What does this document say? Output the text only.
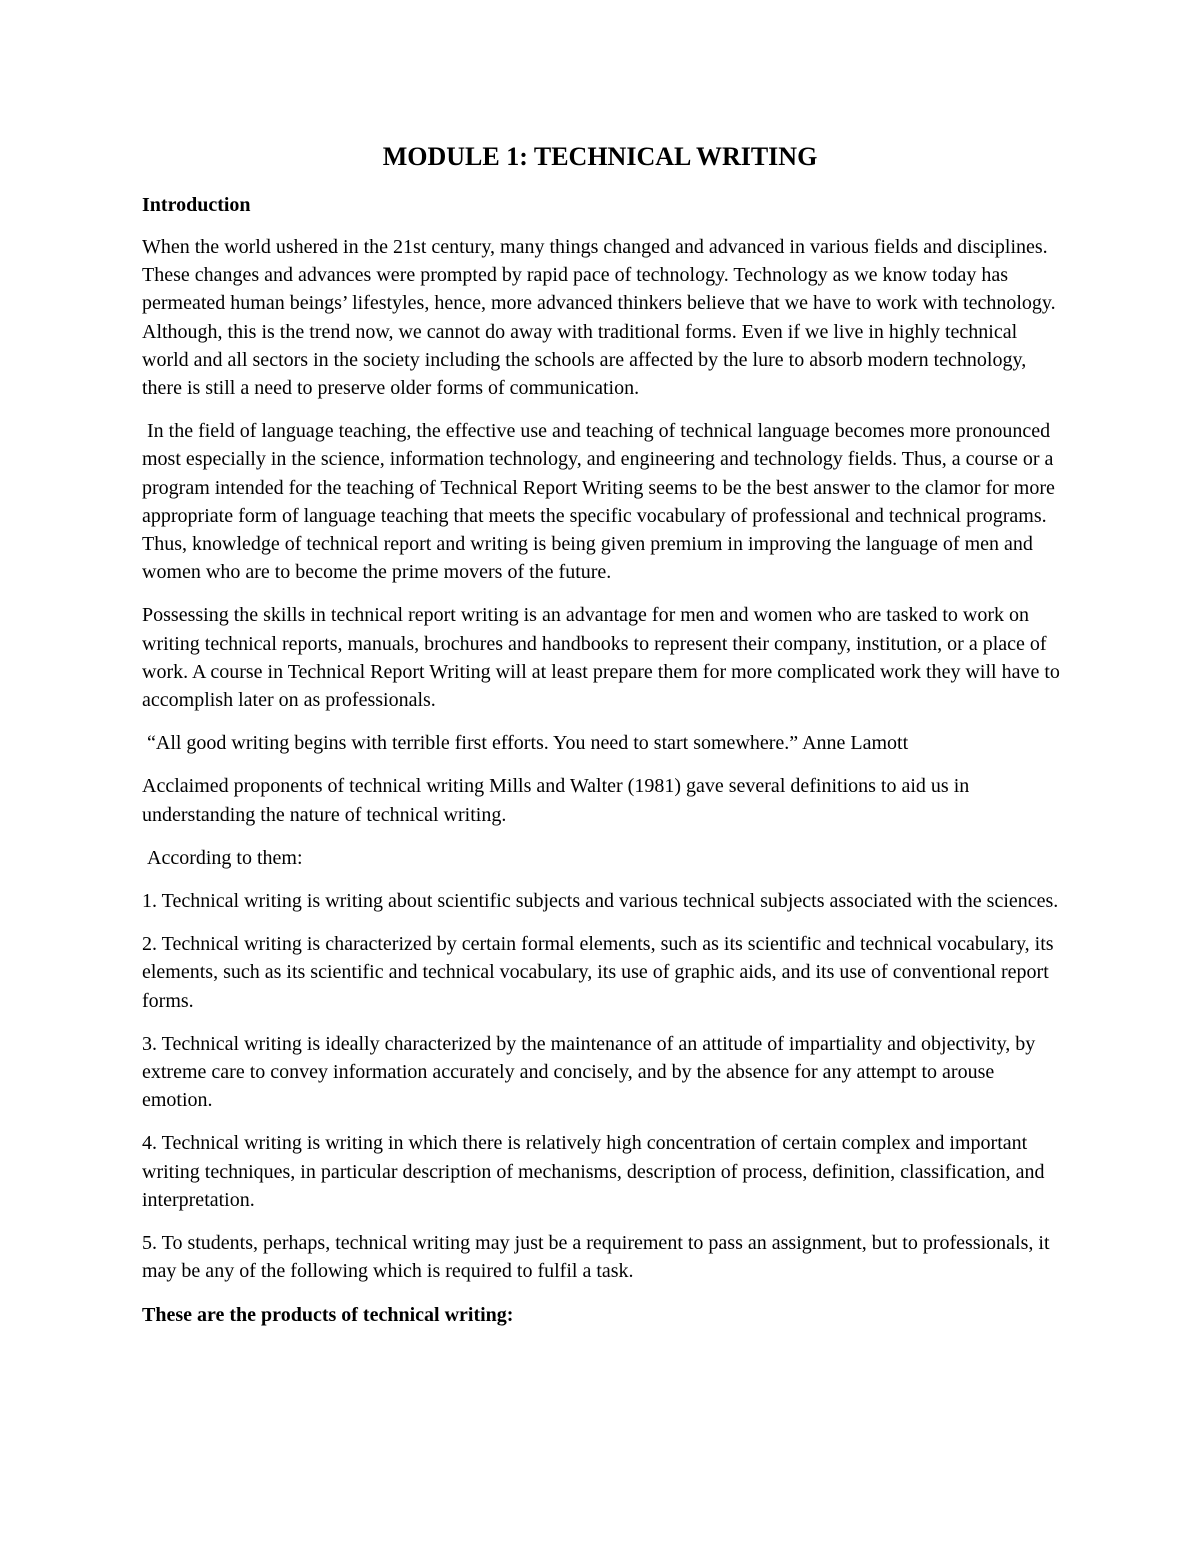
MODULE 1: TECHNICAL WRITING

Introduction

When the world ushered in the 21st century, many things changed and advanced in various fields and disciplines. These changes and advances were prompted by rapid pace of technology. Technology as we know today has permeated human beings’ lifestyles, hence, more advanced thinkers believe that we have to work with technology. Although, this is the trend now, we cannot do away with traditional forms. Even if we live in highly technical world and all sectors in the society including the schools are affected by the lure to absorb modern technology, there is still a need to preserve older forms of communication.

In the field of language teaching, the effective use and teaching of technical language becomes more pronounced most especially in the science, information technology, and engineering and technology fields. Thus, a course or a program intended for the teaching of Technical Report Writing seems to be the best answer to the clamor for more appropriate form of language teaching that meets the specific vocabulary of professional and technical programs. Thus, knowledge of technical report and writing is being given premium in improving the language of men and women who are to become the prime movers of the future.

Possessing the skills in technical report writing is an advantage for men and women who are tasked to work on writing technical reports, manuals, brochures and handbooks to represent their company, institution, or a place of work. A course in Technical Report Writing will at least prepare them for more complicated work they will have to accomplish later on as professionals.

“All good writing begins with terrible first efforts. You need to start somewhere.” Anne Lamott

Acclaimed proponents of technical writing Mills and Walter (1981) gave several definitions to aid us in understanding the nature of technical writing.

According to them:

1. Technical writing is writing about scientific subjects and various technical subjects associated with the sciences.

2. Technical writing is characterized by certain formal elements, such as its scientific and technical vocabulary, its elements, such as its scientific and technical vocabulary, its use of graphic aids, and its use of conventional report forms.

3. Technical writing is ideally characterized by the maintenance of an attitude of impartiality and objectivity, by extreme care to convey information accurately and concisely, and by the absence for any attempt to arouse emotion.

4. Technical writing is writing in which there is relatively high concentration of certain complex and important writing techniques, in particular description of mechanisms, description of process, definition, classification, and interpretation.

5. To students, perhaps, technical writing may just be a requirement to pass an assignment, but to professionals, it may be any of the following which is required to fulfil a task.

These are the products of technical writing:
